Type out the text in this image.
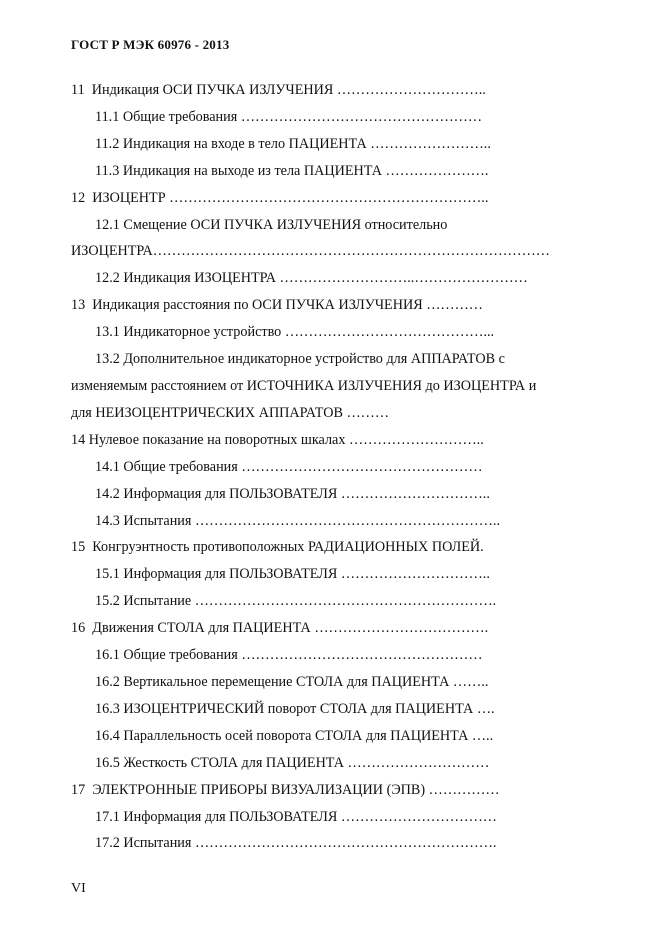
ГОСТ Р МЭК 60976 - 2013
11  Индикация ОСИ ПУЧКА ИЗЛУЧЕНИЯ …………………………..
11.1 Общие требования ……………………………………………
11.2 Индикация на входе в тело ПАЦИЕНТА ……………………..
11.3 Индикация на выходе из тела ПАЦИЕНТА ………………….
12  ИЗОЦЕНТР …………………………………………………………..
12.1 Смещение ОСИ ПУЧКА ИЗЛУЧЕНИЯ относительно
ИЗОЦЕНТРА…………………………………………………………………………
12.2 Индикация ИЗОЦЕНТРА ………………………..……………………
13  Индикация расстояния по ОСИ ПУЧКА ИЗЛУЧЕНИЯ …………
13.1 Индикаторное устройство ……………………………………...
13.2 Дополнительное индикаторное устройство для АППАРАТОВ с
изменяемым расстоянием от ИСТОЧНИКА ИЗЛУЧЕНИЯ до ИЗОЦЕНТРА и
для НЕИЗОЦЕНТРИЧЕСКИХ АППАРАТОВ ………
14 Нулевое показание на поворотных шкалах ………………………..
14.1 Общие требования ……………………………………………
14.2 Информация для ПОЛЬЗОВАТЕЛЯ …………………………..
14.3 Испытания ………………………………………………………..
15  Конгруэнтность противоположных РАДИАЦИОННЫХ ПОЛЕЙ.
15.1 Информация для ПОЛЬЗОВАТЕЛЯ …………………………..
15.2 Испытание ……………………………………………………….
16  Движения СТОЛА для ПАЦИЕНТА ……………………………….
16.1 Общие требования ……………………………………………
16.2 Вертикальное перемещение СТОЛА для ПАЦИЕНТА ……..
16.3 ИЗОЦЕНТРИЧЕСКИЙ поворот СТОЛА для ПАЦИЕНТА ….
16.4 Параллельность осей поворота СТОЛА для ПАЦИЕНТА …..
16.5 Жесткость СТОЛА для ПАЦИЕНТА …………………………
17  ЭЛЕКТРОННЫЕ ПРИБОРЫ ВИЗУАЛИЗАЦИИ (ЭПВ) ……………
17.1 Информация для ПОЛЬЗОВАТЕЛЯ ……………………………
17.2 Испытания ……………………………………………………….
VI
